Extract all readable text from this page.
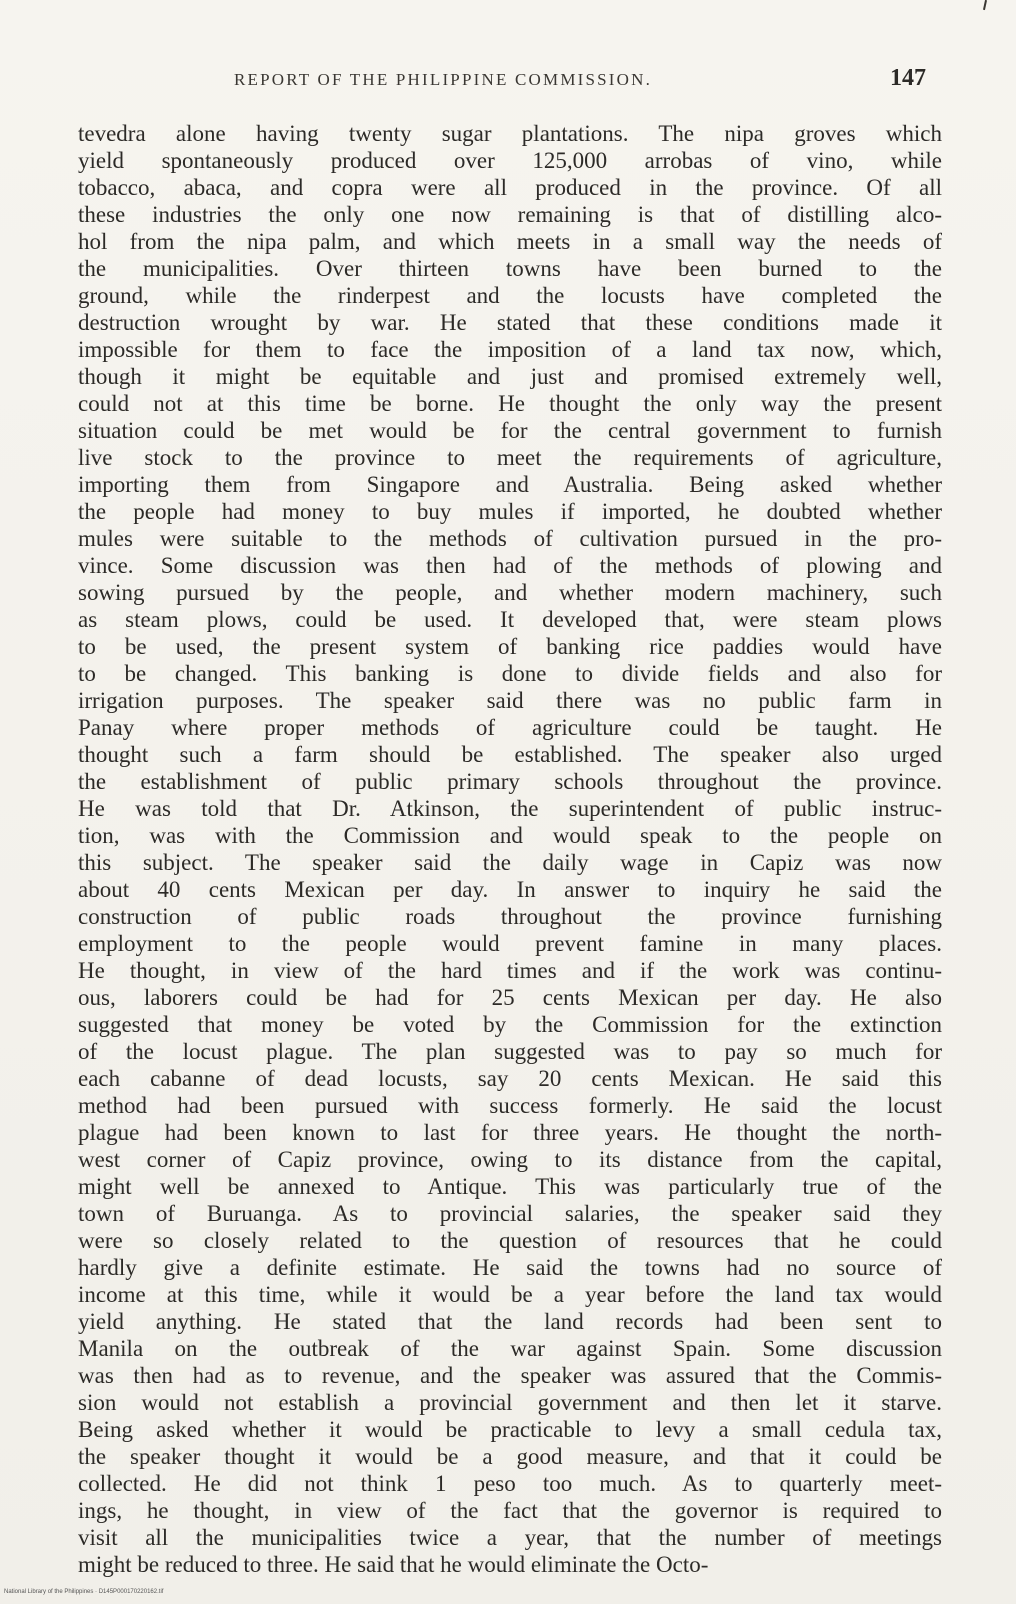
REPORT OF THE PHILIPPINE COMMISSION.	147
tevedra alone having twenty sugar plantations. The nipa groves which
yield spontaneously produced over 125,000 arrobas of vino, while
tobacco, abaca, and copra were all produced in the province. Of all
these industries the only one now remaining is that of distilling alco-
hol from the nipa palm, and which meets in a small way the needs of
the municipalities. Over thirteen towns have been burned to the
ground, while the rinderpest and the locusts have completed the
destruction wrought by war. He stated that these conditions made it
impossible for them to face the imposition of a land tax now, which,
though it might be equitable and just and promised extremely well,
could not at this time be borne. He thought the only way the present
situation could be met would be for the central government to furnish
live stock to the province to meet the requirements of agriculture,
importing them from Singapore and Australia. Being asked whether
the people had money to buy mules if imported, he doubted whether
mules were suitable to the methods of cultivation pursued in the pro-
vince. Some discussion was then had of the methods of plowing and
sowing pursued by the people, and whether modern machinery, such
as steam plows, could be used. It developed that, were steam plows
to be used, the present system of banking rice paddies would have
to be changed. This banking is done to divide fields and also for
irrigation purposes. The speaker said there was no public farm in
Panay where proper methods of agriculture could be taught. He
thought such a farm should be established. The speaker also urged
the establishment of public primary schools throughout the province.
He was told that Dr. Atkinson, the superintendent of public instruc-
tion, was with the Commission and would speak to the people on
this subject. The speaker said the daily wage in Capiz was now
about 40 cents Mexican per day. In answer to inquiry he said the
construction of public roads throughout the province furnishing
employment to the people would prevent famine in many places.
He thought, in view of the hard times and if the work was continu-
ous, laborers could be had for 25 cents Mexican per day. He also
suggested that money be voted by the Commission for the extinction
of the locust plague. The plan suggested was to pay so much for
each cabanne of dead locusts, say 20 cents Mexican. He said this
method had been pursued with success formerly. He said the locust
plague had been known to last for three years. He thought the north-
west corner of Capiz province, owing to its distance from the capital,
might well be annexed to Antique. This was particularly true of the
town of Buruanga. As to provincial salaries, the speaker said they
were so closely related to the question of resources that he could
hardly give a definite estimate. He said the towns had no source of
income at this time, while it would be a year before the land tax would
yield anything. He stated that the land records had been sent to
Manila on the outbreak of the war against Spain. Some discussion
was then had as to revenue, and the speaker was assured that the Commis-
sion would not establish a provincial government and then let it starve.
Being asked whether it would be practicable to levy a small cedula tax,
the speaker thought it would be a good measure, and that it could be
collected. He did not think 1 peso too much. As to quarterly meet-
ings, he thought, in view of the fact that the governor is required to
visit all the municipalities twice a year, that the number of meetings
might be reduced to three. He said that he would eliminate the Octo-
National Library of the Philippines · D145P000170220162.tif
